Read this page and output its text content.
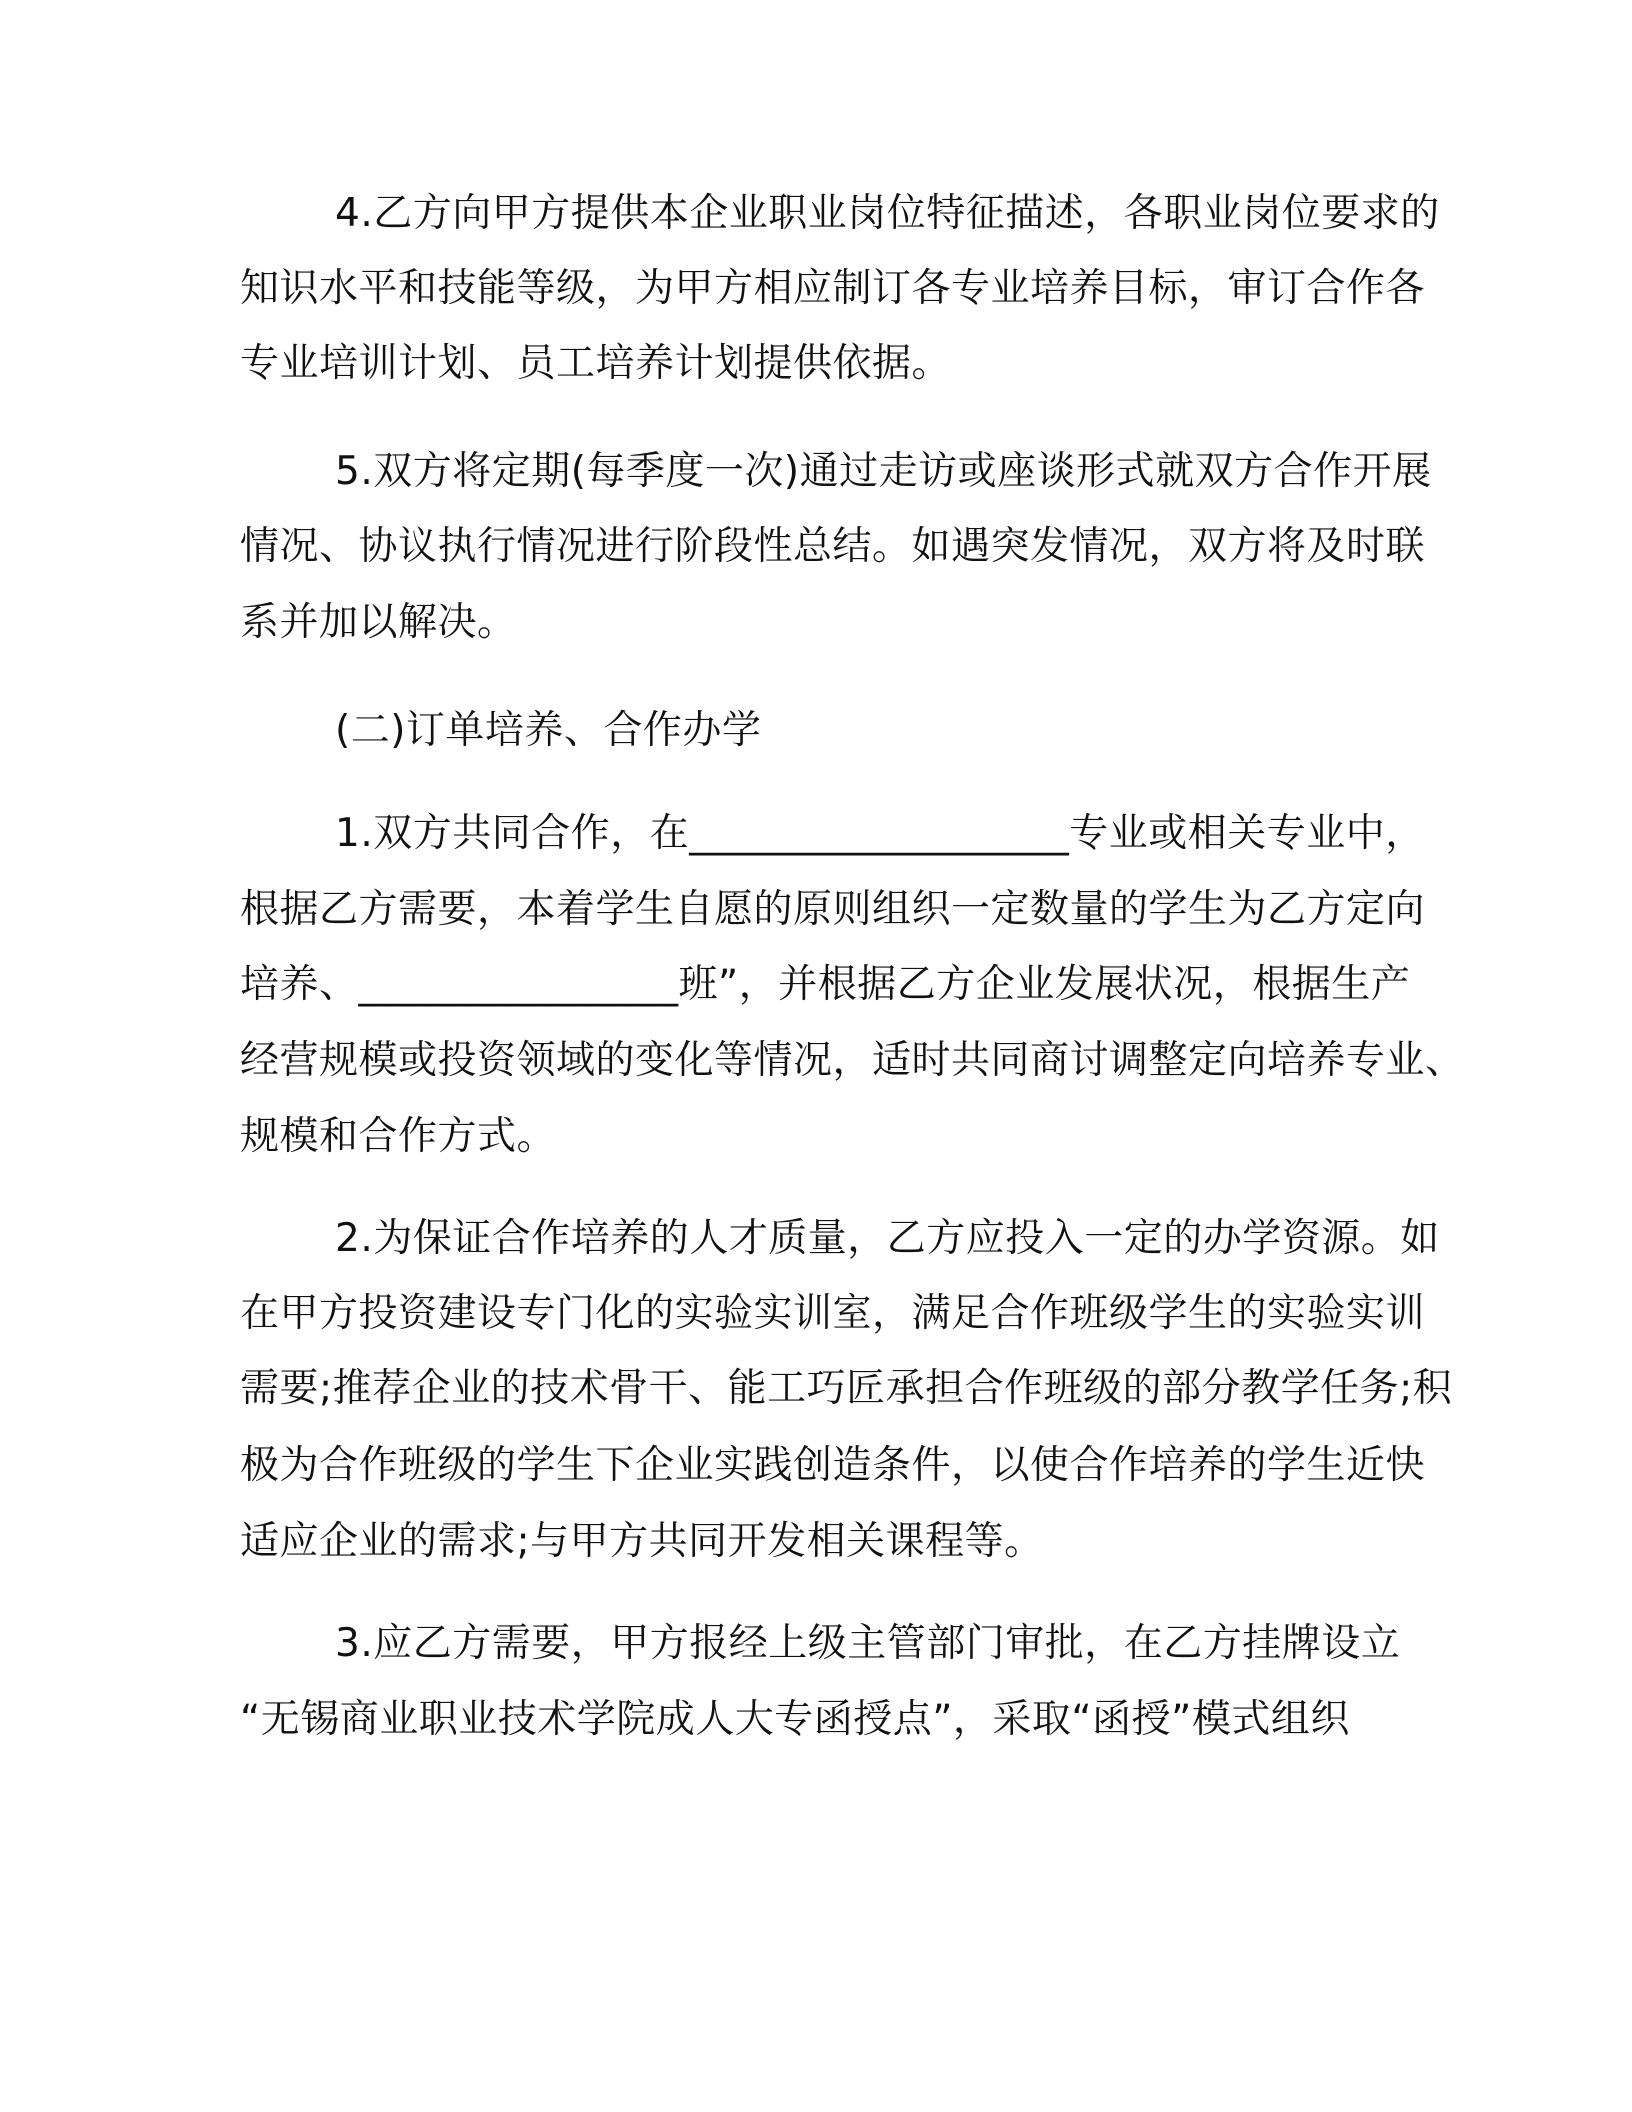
4.乙方向甲方提供本企业职业岗位特征描述，各职业岗位要求的
知识水平和技能等级，为甲方相应制订各专业培养目标，审订合作各
专业培训计划、员工培养计划提供依据。
5.双方将定期(每季度一次)通过走访或座谈形式就双方合作开展
情况、协议执行情况进行阶段性总结。如遇突发情况，双方将及时联
系并加以解决。
(二)订单培养、合作办学
1.双方共同合作，在___________________专业或相关专业中，
根据乙方需要，本着学生自愿的原则组织一定数量的学生为乙方定向
培养、________________班”，并根据乙方企业发展状况，根据生产
经营规模或投资领域的变化等情况，适时共同商讨调整定向培养专业、
规模和合作方式。
2.为保证合作培养的人才质量，乙方应投入一定的办学资源。如
在甲方投资建设专门化的实验实训室，满足合作班级学生的实验实训
需要;推荐企业的技术骨干、能工巧匠承担合作班级的部分教学任务;积
极为合作班级的学生下企业实践创造条件，以使合作培养的学生近快
适应企业的需求;与甲方共同开发相关课程等。
3.应乙方需要，甲方报经上级主管部门审批，在乙方挂牌设立
“无锡商业职业技术学院成人大专函授点”，采取“函授”模式组织
